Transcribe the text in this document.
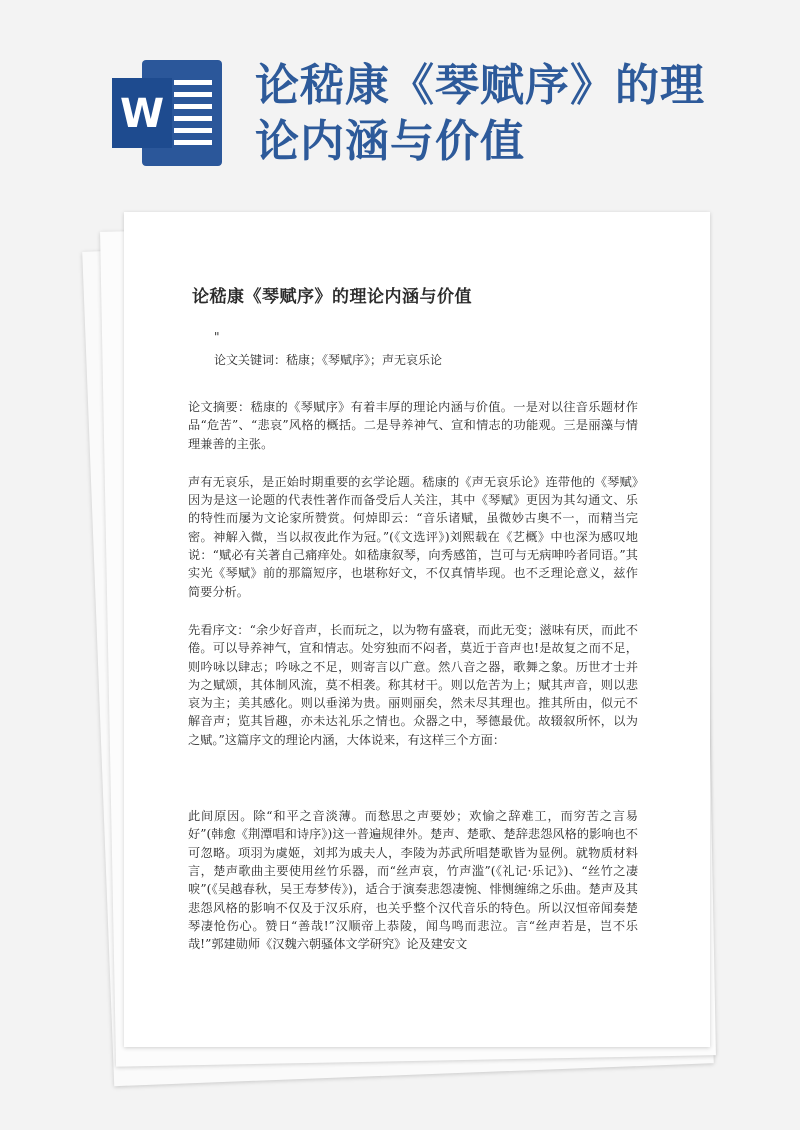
W
论嵇康《琴赋序》的理
论内涵与价值
论嵇康《琴赋序》的理论内涵与价值
"
论文关键词：嵇康；《琴赋序》；声无哀乐论

论文摘要：嵇康的《琴赋序》有着丰厚的理论内涵与价值。一是对以往音乐题材作品“危苦”、“悲哀”风格的概括。二是导养神气、宣和情志的功能观。三是丽藻与情理兼善的主张。

声有无哀乐，是正始时期重要的玄学论题。嵇康的《声无哀乐论》连带他的《琴赋》因为是这一论题的代表性著作而备受后人关注，其中《琴赋》更因为其勾通文、乐的特性而屡为文论家所赞赏。何焯即云：“音乐诸赋，虽微妙古奥不一，而精当完密。神解入微，当以叔夜此作为冠。”(《文选评》)刘熙载在《艺概》中也深为感叹地说：“赋必有关著自己痛痒处。如嵇康叙琴，向秀感笛，岂可与无病呻吟者同语。”其实光《琴赋》前的那篇短序，也堪称好文，不仅真情毕现。也不乏理论意义，兹作简要分析。

先看序文：“余少好音声，长而玩之，以为物有盛衰，而此无变；滋味有厌，而此不倦。可以导养神气，宣和情志。处穷独而不闷者，莫近于音声也!是故复之而不足，则吟咏以肆志；吟咏之不足，则寄言以广意。然八音之器，歌舞之象。历世才士并为之赋颂，其体制风流，莫不相袭。称其材干。则以危苦为上；赋其声音，则以悲哀为主；美其感化。则以垂涕为贵。丽则丽矣，然未尽其理也。推其所由，似元不解音声；览其旨趣，亦未达礼乐之情也。众器之中，琴德最优。故辍叙所怀，以为之赋。”这篇序文的理论内涵，大体说来，有这样三个方面：

此间原因。除“和平之音淡薄。而愁思之声要妙；欢愉之辞难工，而穷苦之言易好”(韩愈《荆潭唱和诗序》)这一普遍规律外。楚声、楚歌、楚辞悲怨风格的影响也不可忽略。项羽为虞姬，刘邦为戚夫人，李陵为苏武所唱楚歌皆为显例。就物质材料言，楚声歌曲主要使用丝竹乐器，而“丝声哀，竹声滥”(《礼记·乐记》)、“丝竹之凄唳”(《吴越春秋，吴王寿梦传》)，适合于演奏悲怨凄惋、悱恻缠绵之乐曲。楚声及其悲怨风格的影响不仅及于汉乐府，也关乎整个汉代音乐的特色。所以汉恒帝闻奏楚琴凄怆伤心。赞日“善哉!”汉顺帝上恭陵，闻鸟鸣而悲泣。言“丝声若是，岂不乐哉!”郭建勋师《汉魏六朝骚体文学研究》论及建安文
